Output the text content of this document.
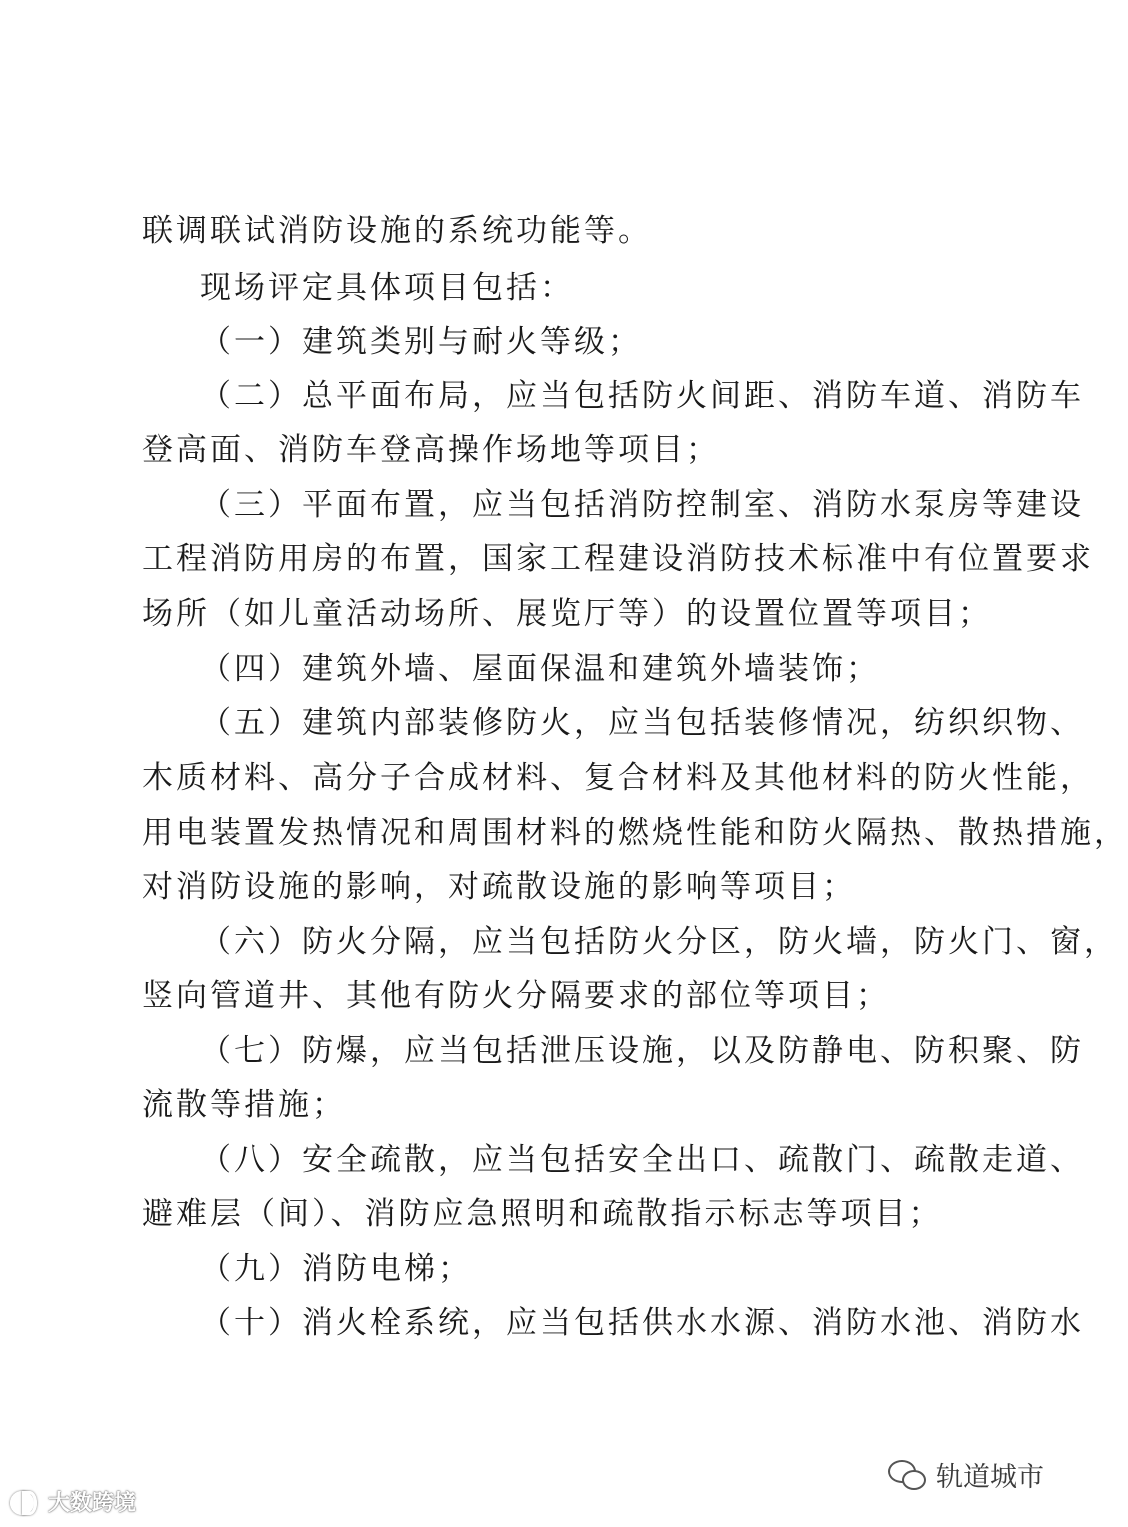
联调联试消防设施的系统功能等。
现场评定具体项目包括：
（一）建筑类别与耐火等级；
（二）总平面布局，应当包括防火间距、消防车道、消防车
登高面、消防车登高操作场地等项目；
（三）平面布置，应当包括消防控制室、消防水泵房等建设
工程消防用房的布置，国家工程建设消防技术标准中有位置要求
场所（如儿童活动场所、展览厅等）的设置位置等项目；
（四）建筑外墙、屋面保温和建筑外墙装饰；
（五）建筑内部装修防火，应当包括装修情况，纺织织物、
木质材料、高分子合成材料、复合材料及其他材料的防火性能，
用电装置发热情况和周围材料的燃烧性能和防火隔热、散热措施，
对消防设施的影响，对疏散设施的影响等项目；
（六）防火分隔，应当包括防火分区，防火墙，防火门、窗，
竖向管道井、其他有防火分隔要求的部位等项目；
（七）防爆，应当包括泄压设施，以及防静电、防积聚、防
流散等措施；
（八）安全疏散，应当包括安全出口、疏散门、疏散走道、
避难层（间）、消防应急照明和疏散指示标志等项目；
（九）消防电梯；
（十）消火栓系统，应当包括供水水源、消防水池、消防水
轨道城市
大数跨境
